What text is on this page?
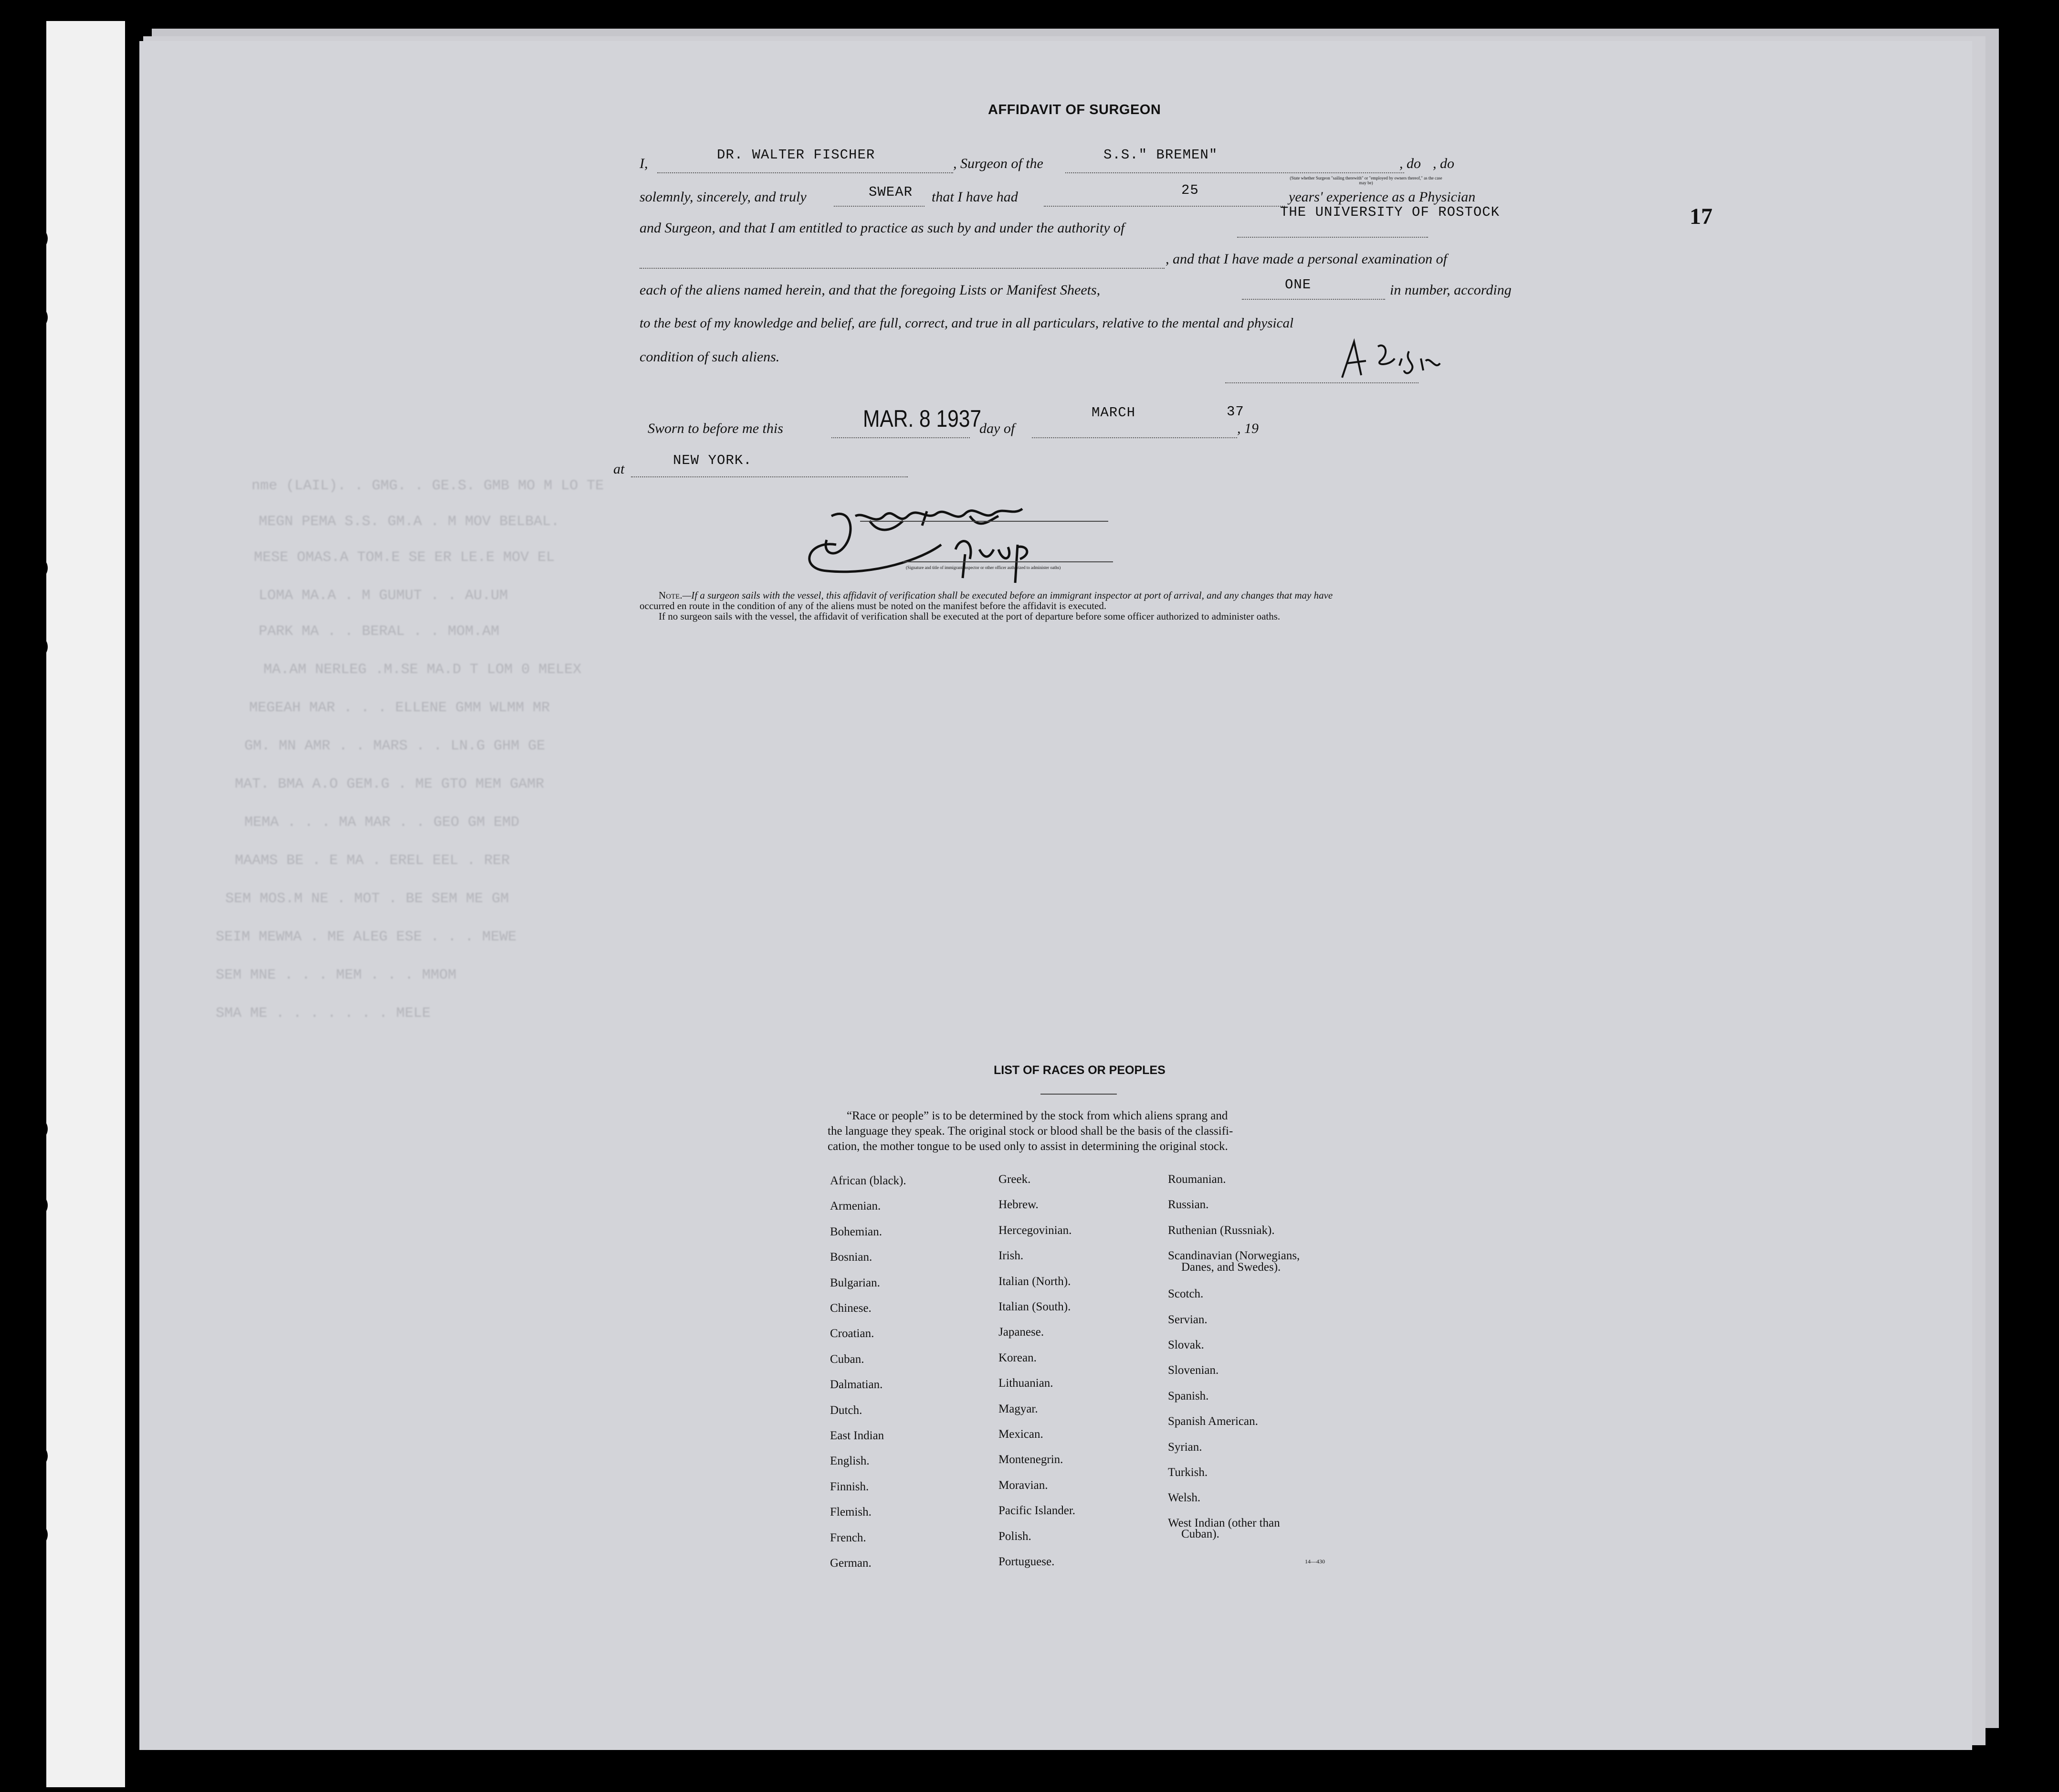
nme (LAIL). . GMG. . GE.S. GMB MO M LO TE
MEGN PEMA S.S. GM.A . M MOV BELBAL.
MESE OMAS.A TOM.E SE ER LE.E MOV EL
LOMA MA.A . M GUMUT . . AU.UM
PARK MA . . BERAL . . MOM.AM
MA.AM NERLEG .M.SE MA.D T LOM 0 MELEX
MEGEAH MAR . . . ELLENE GMM WLMM MR
GM. MN AMR . . MARS . . LN.G GHM GE
MAT. BMA A.O GEM.G . ME GTO MEM GAMR
MEMA . . . MA MAR . . GEO GM EMD
MAAMS BE . E MA . EREL EEL . RER
SEM MOS.M NE . MOT . BE SEM ME GM
SEIM MEWMA . ME ALEG ESE . . . MEWE
SEM MNE . . . MEM . . . MMOM
SMA ME . . . . . . . MELE
17
AFFIDAVIT OF SURGEON
I,
DR. WALTER FISCHER
, Surgeon of the
S.S." BREMEN"
, do
(State whether Surgeon "sailing therewith" or "employed by owners thereof," as the case may be)
, do
solemnly, sincerely, and truly	SWEAR that I have had	25	years' experience as a Physician
and Surgeon, and that I am entitled to practice as such by and under the authority of
THE UNIVERSITY OF ROSTOCK
, and that I have made a personal examination of
each of the aliens named herein, and that the foregoing Lists or Manifest Sheets,	ONE	in number, according
to the best of my knowledge and belief, are full, correct, and true in all particulars, relative to the mental and physical
condition of such aliens.
Sworn to before me this	MAR. 8 1937
day of
MARCH
, 19
37
at
NEW YORK.
(Signature and title of immigrant inspector or other officer authorized to administer oaths)
Note.—If a surgeon sails with the vessel, this affidavit of verification shall be executed before an immigrant inspector at port of arrival, and any changes that may have
occurred en route in the condition of any of the aliens must be noted on the manifest before the affidavit is executed.
If no surgeon sails with the vessel, the affidavit of verification shall be executed at the port of departure before some officer authorized to administer oaths.
LIST OF RACES OR PEOPLES
“Race or people” is to be determined by the stock from which aliens sprang and
the language they speak. The original stock or blood shall be the basis of the classifi-
cation, the mother tongue to be used only to assist in determining the original stock.
African (black).
Armenian.
Bohemian.
Bosnian.
Bulgarian.
Chinese.
Croatian.
Cuban.
Dalmatian.
Dutch.
East Indian
English.
Finnish.
Flemish.
French.
German.
Greek.
Hebrew.
Hercegovinian.
Irish.
Italian (North).
Italian (South).
Japanese.
Korean.
Lithuanian.
Magyar.
Mexican.
Montenegrin.
Moravian.
Pacific Islander.
Polish.
Portuguese.
Roumanian.
Russian.
Ruthenian (Russniak).
Scandinavian (Norwegians,
Danes, and Swedes).
Scotch.
Servian.
Slovak.
Slovenian.
Spanish.
Spanish American.
Syrian.
Turkish.
Welsh.
West Indian (other than
Cuban).
14—430
